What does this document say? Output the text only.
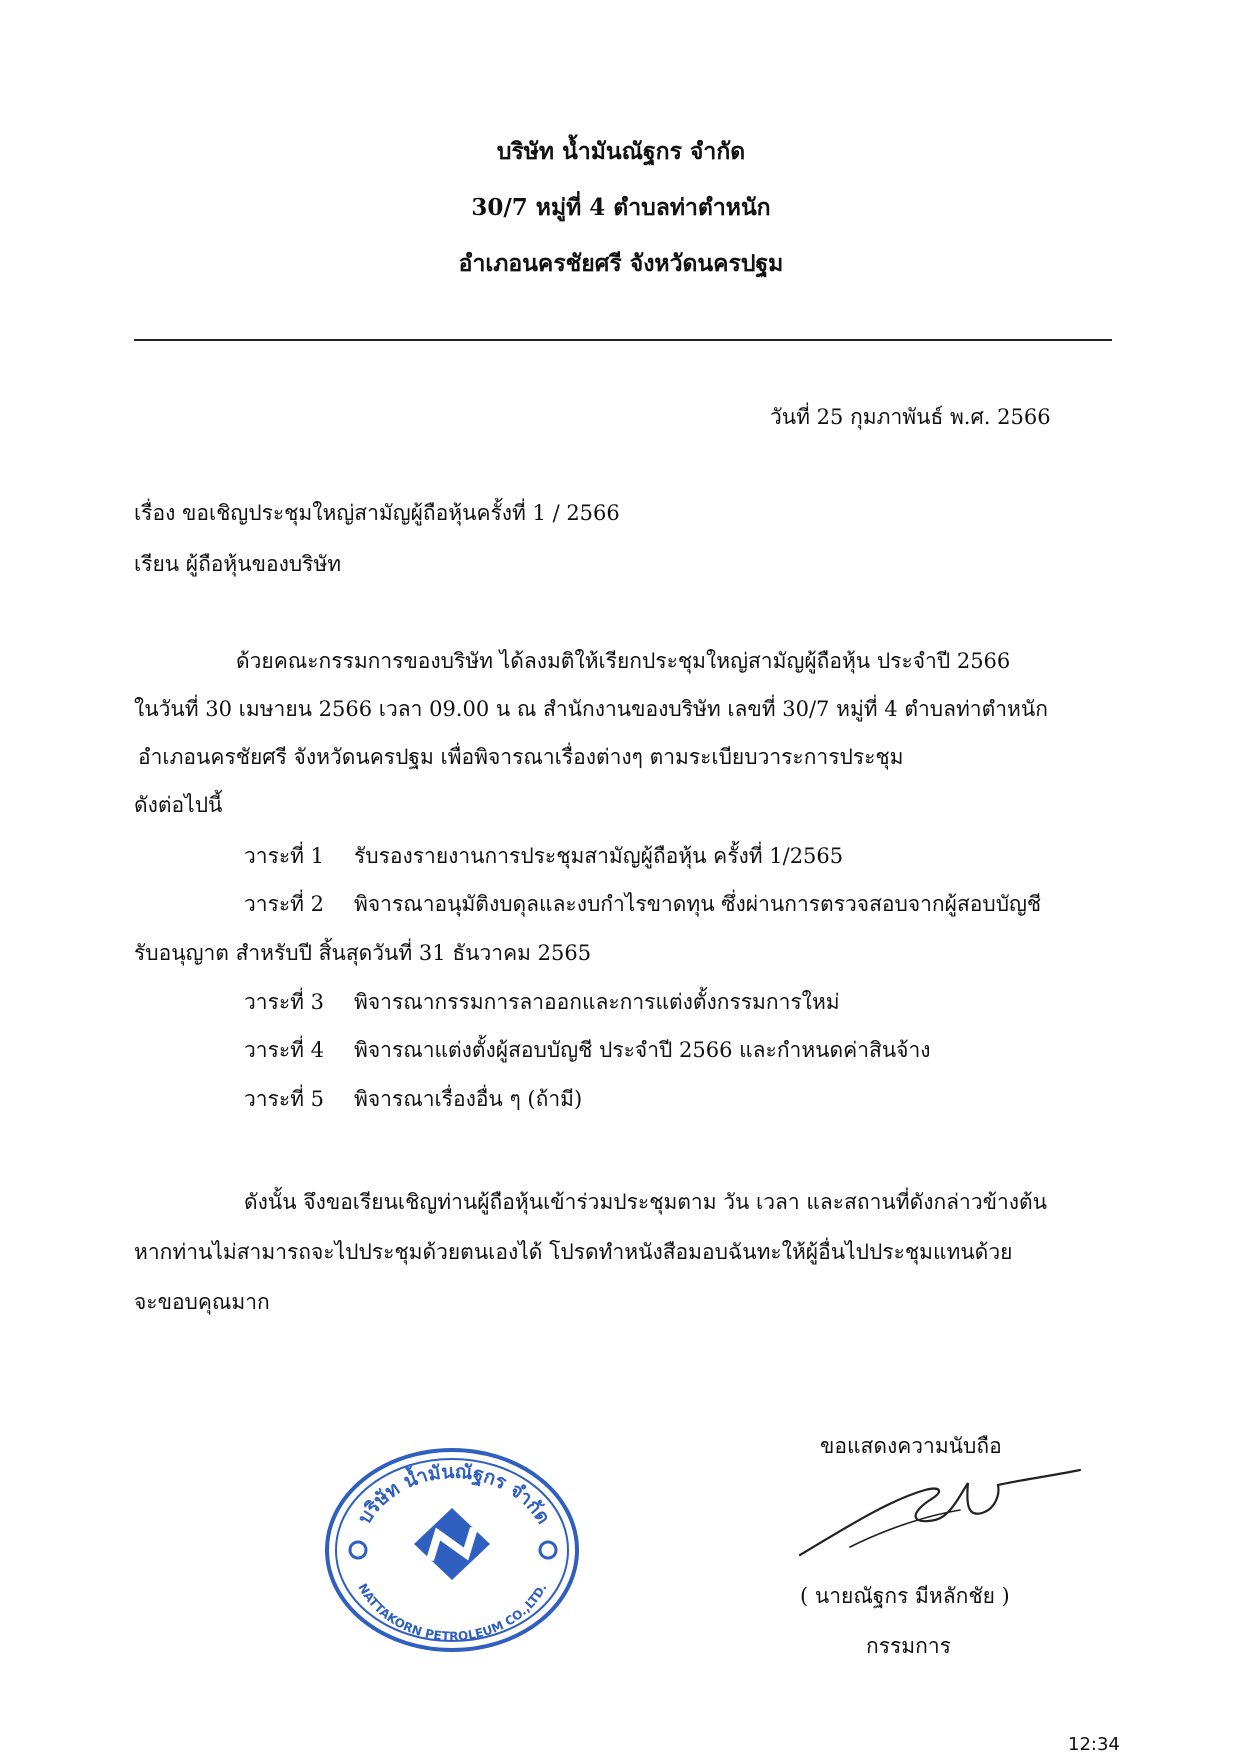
บริษัท น้ำมันณัฐกร จำกัด
30/7 หมู่ที่ 4 ตำบลท่าตำหนัก
อำเภอนครชัยศรี จังหวัดนครปฐม
วันที่ 25 กุมภาพันธ์ พ.ศ. 2566
เรื่อง ขอเชิญประชุมใหญ่สามัญผู้ถือหุ้นครั้งที่ 1 / 2566
เรียน ผู้ถือหุ้นของบริษัท
ด้วยคณะกรรมการของบริษัท ได้ลงมติให้เรียกประชุมใหญ่สามัญผู้ถือหุ้น ประจำปี 2566
ในวันที่ 30 เมษายน 2566 เวลา 09.00 น ณ สำนักงานของบริษัท เลขที่ 30/7 หมู่ที่ 4 ตำบลท่าตำหนัก
อำเภอนครชัยศรี จังหวัดนครปฐม เพื่อพิจารณาเรื่องต่างๆ ตามระเบียบวาระการประชุม
ดังต่อไปนี้
วาระที่ 1 รับรองรายงานการประชุมสามัญผู้ถือหุ้น ครั้งที่ 1/2565
วาระที่ 2 พิจารณาอนุมัติงบดุลและงบกำไรขาดทุน ซึ่งผ่านการตรวจสอบจากผู้สอบบัญชี
รับอนุญาต สำหรับปี สิ้นสุดวันที่ 31 ธันวาคม 2565
วาระที่ 3 พิจารณากรรมการลาออกและการแต่งตั้งกรรมการใหม่
วาระที่ 4 พิจารณาแต่งตั้งผู้สอบบัญชี ประจำปี 2566 และกำหนดค่าสินจ้าง
วาระที่ 5 พิจารณาเรื่องอื่น ๆ (ถ้ามี)
ดังนั้น จึงขอเรียนเชิญท่านผู้ถือหุ้นเข้าร่วมประชุมตาม วัน เวลา และสถานที่ดังกล่าวข้างต้น
หากท่านไม่สามารถจะไปประชุมด้วยตนเองได้ โปรดทำหนังสือมอบฉันทะให้ผู้อื่นไปประชุมแทนด้วย
จะขอบคุณมาก
ขอแสดงความนับถือ
บริษัท น้ำมันณัฐกร จำกัด
NATTAKORN PETROLEUM CO.,LTD.	( นายณัฐกร มีหลักชัย )
กรรมการ
12:34
